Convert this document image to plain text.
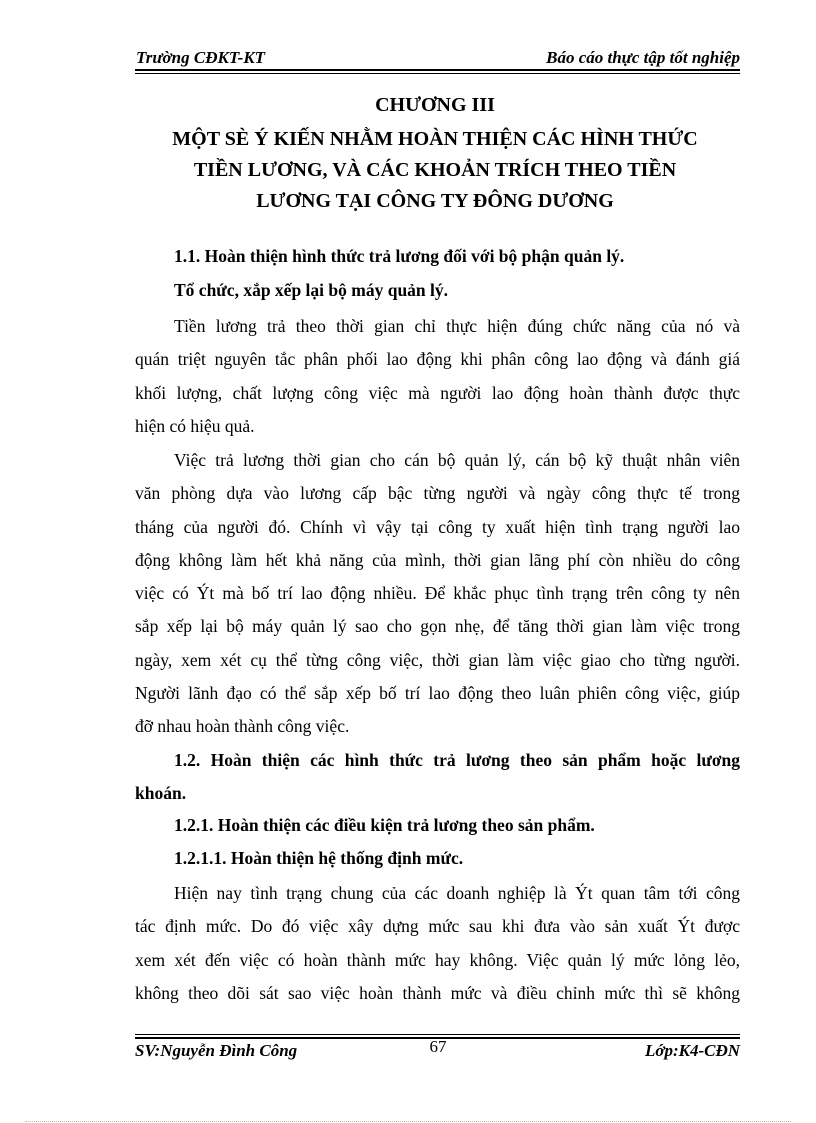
Trường CĐKT-KT	Báo cáo thực tập tốt nghiệp
CHƯƠNG III
MỘT SÈ Ý KIẾN NHẰM HOÀN THIỆN CÁC HÌNH THỨC
TIỀN LƯƠNG, VÀ CÁC KHOẢN TRÍCH THEO TIỀN
LƯƠNG TẠI CÔNG TY ĐÔNG DƯƠNG
1.1. Hoàn thiện hình thức trả lương đối với bộ phận quản lý.
Tổ chức, xắp xếp lại bộ máy quản lý.
Tiền lương trả theo thời gian chỉ thực hiện đúng chức năng của nó và
quán triệt nguyên tắc phân phối lao động khi phân công lao động và đánh giá
khối lượng, chất lượng công việc mà người lao động hoàn thành được thực
hiện có hiệu quả.
Việc trả lương thời gian cho cán bộ quản lý, cán bộ kỹ thuật nhân viên
văn phòng dựa vào lương cấp bậc từng người và ngày công thực tế trong
tháng của người đó. Chính vì vậy tại công ty xuất hiện tình trạng người lao
động không làm hết khả năng của mình, thời gian lãng phí còn nhiều do công
việc có Ýt mà bố trí lao động nhiều. Để khắc phục tình trạng trên công ty nên
sắp xếp lại bộ máy quản lý sao cho gọn nhẹ, để tăng thời gian làm việc trong
ngày, xem xét cụ thể từng công việc, thời gian làm việc giao cho từng người.
Người lãnh đạo có thể sắp xếp bố trí lao động theo luân phiên công việc, giúp
đỡ nhau hoàn thành công việc.
1.2. Hoàn thiện các hình thức trả lương theo sản phẩm hoặc lương
khoán.
1.2.1. Hoàn thiện các điều kiện trả lương theo sản phẩm.
1.2.1.1. Hoàn thiện hệ thống định mức.
Hiện nay tình trạng chung của các doanh nghiệp là Ýt quan tâm tới công
tác định mức. Do đó việc xây dựng mức sau khi đưa vào sản xuất Ýt được
xem xét đến việc có hoàn thành mức hay không. Việc quản lý mức lỏng lẻo,
không theo dõi sát sao việc hoàn thành mức và điều chỉnh mức thì sẽ không
SV:Nguyễn Đình Công	67	Lớp:K4-CĐN
